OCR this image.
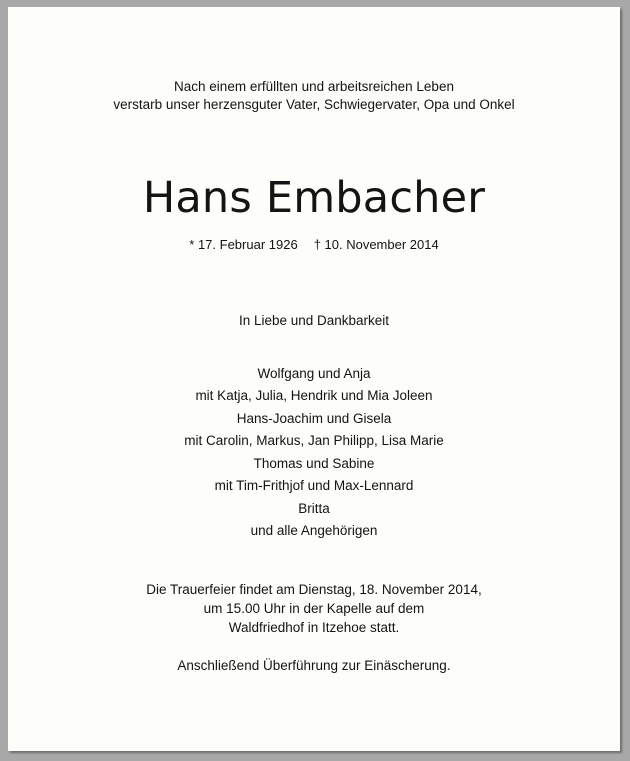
Nach einem erfüllten und arbeitsreichen Leben
verstarb unser herzensguter Vater, Schwiegervater, Opa und Onkel
Hans Embacher
* 17. Februar 1926 † 10. November 2014
In Liebe und Dankbarkeit
Wolfgang und Anja
mit Katja, Julia, Hendrik und Mia Joleen
Hans-Joachim und Gisela
mit Carolin, Markus, Jan Philipp, Lisa Marie
Thomas und Sabine
mit Tim-Frithjof und Max-Lennard
Britta
und alle Angehörigen
Die Trauerfeier findet am Dienstag, 18. November 2014,
um 15.00 Uhr in der Kapelle auf dem
Waldfriedhof in Itzehoe statt.
Anschließend Überführung zur Einäscherung.
